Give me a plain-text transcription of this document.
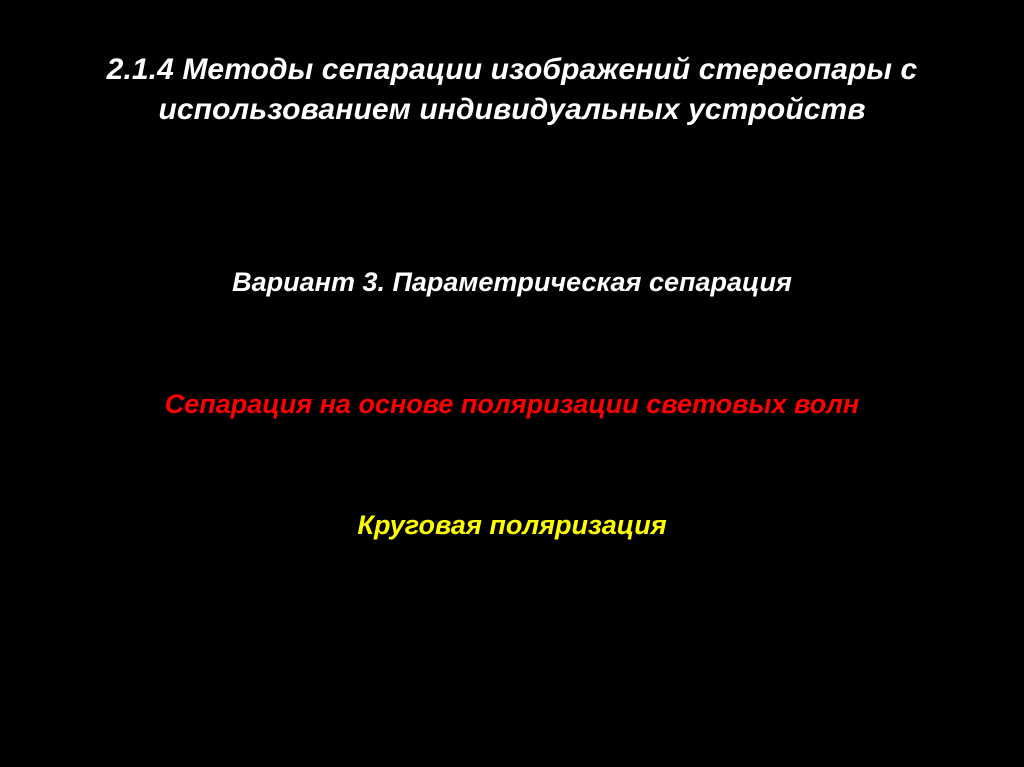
2.1.4 Методы сепарации изображений стереопары с использованием индивидуальных устройств
Вариант 3. Параметрическая сепарация
Сепарация на основе поляризации световых волн
Круговая поляризация
